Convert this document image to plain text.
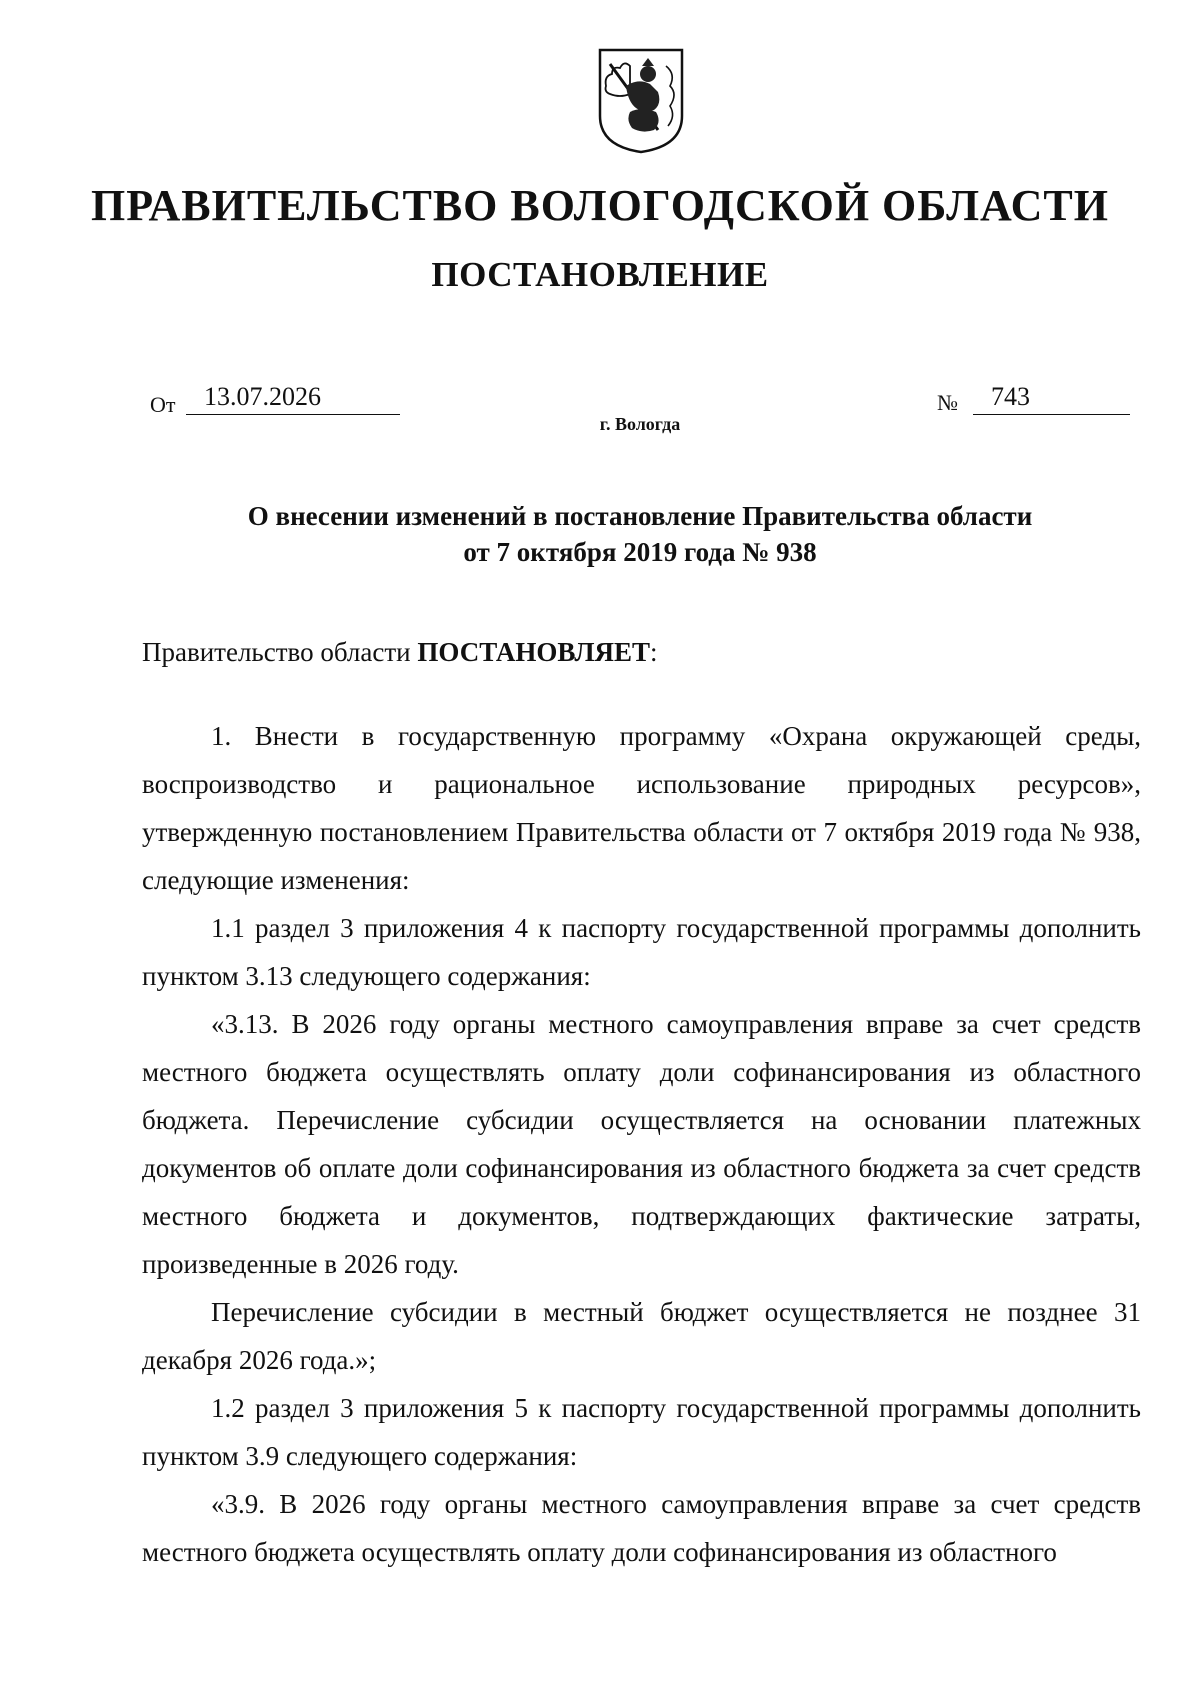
ПРАВИТЕЛЬСТВО ВОЛОГОДСКОЙ ОБЛАСТИ
ПОСТАНОВЛЕНИЕ
От	13.07.2026	№	743
г. Вологда
О внесении изменений в постановление Правительства области
от 7 октября 2019 года № 938
Правительство области ПОСТАНОВЛЯЕТ:

1. Внести в государственную программу «Охрана окружающей среды, воспроизводство и рациональное использование природных ресурсов», утвержденную постановлением Правительства области от 7 октября 2019 года № 938, следующие изменения:

1.1 раздел 3 приложения 4 к паспорту государственной программы дополнить пунктом 3.13 следующего содержания:

«3.13. В 2026 году органы местного самоуправления вправе за счет средств местного бюджета осуществлять оплату доли софинансирования из областного бюджета. Перечисление субсидии осуществляется на основании платежных документов об оплате доли софинансирования из областного бюджета за счет средств местного бюджета и документов, подтверждающих фактические затраты, произведенные в 2026 году.

Перечисление субсидии в местный бюджет осуществляется не позднее 31 декабря 2026 года.»;

1.2 раздел 3 приложения 5 к паспорту государственной программы дополнить пунктом 3.9 следующего содержания:

«3.9. В 2026 году органы местного самоуправления вправе за счет средств местного бюджета осуществлять оплату доли софинансирования из областного
